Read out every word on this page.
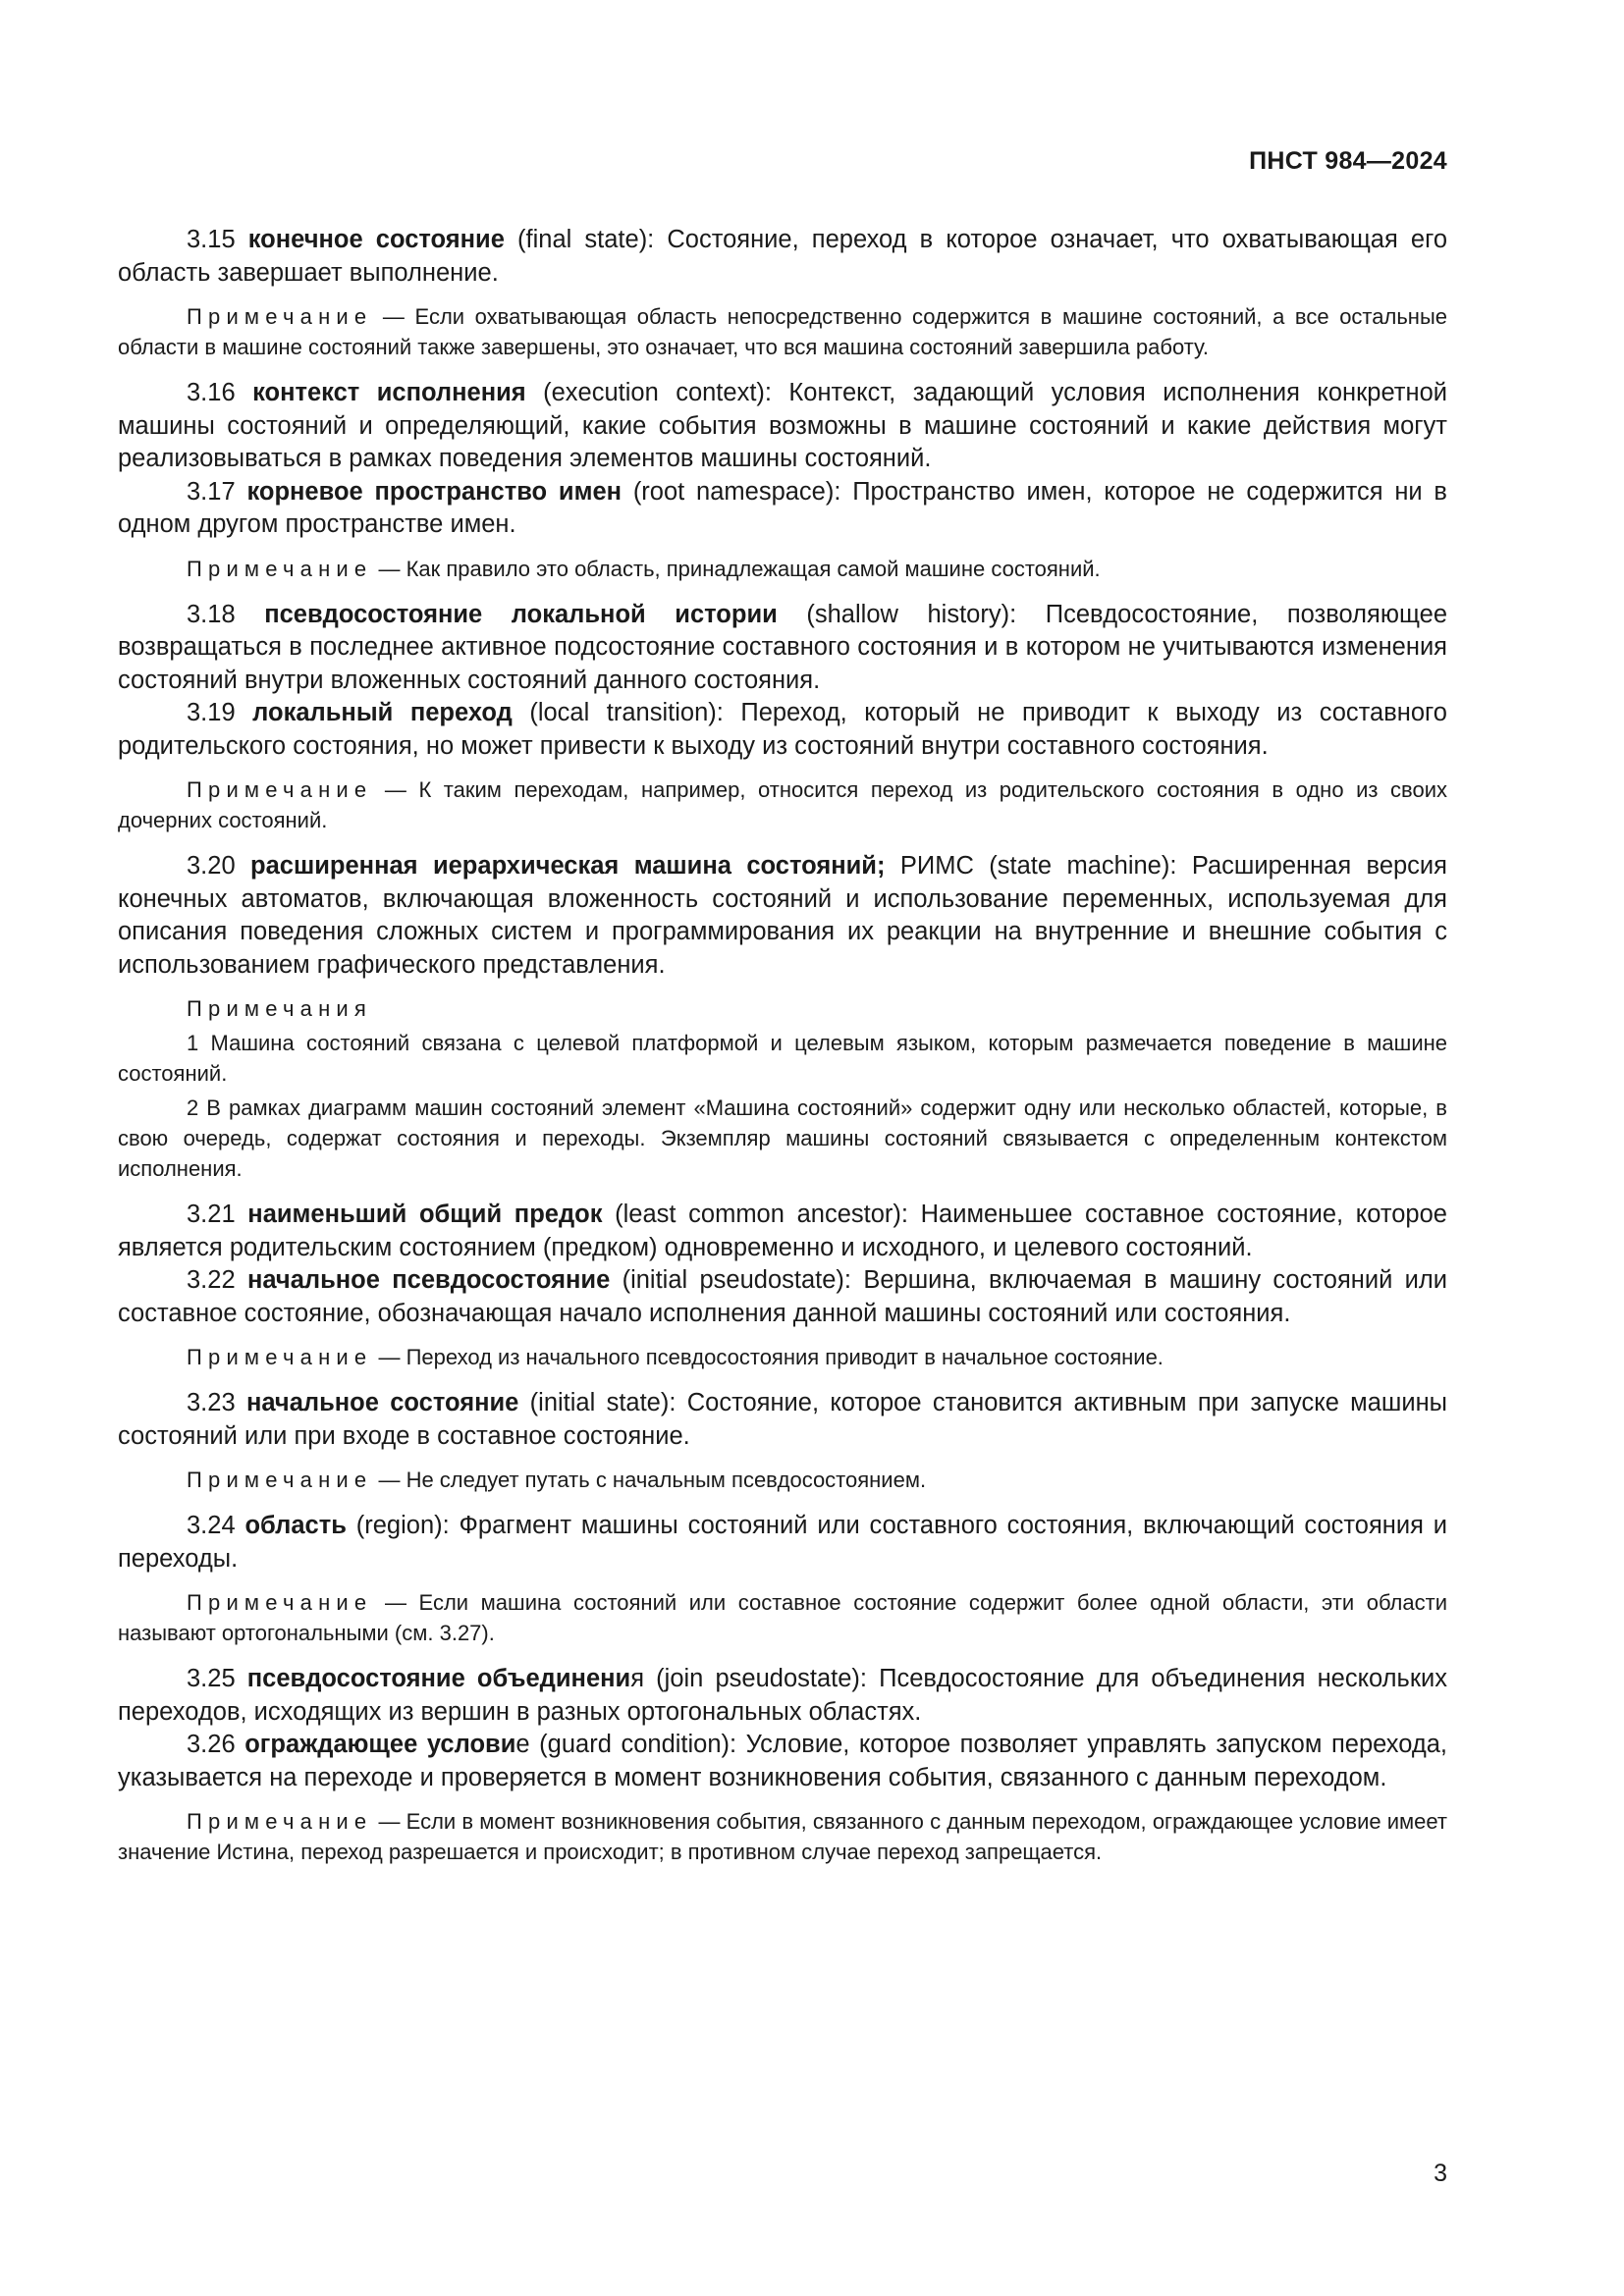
ПНСТ 984—2024

3.15 конечное состояние (final state): Состояние, переход в которое означает, что охватывающая его область завершает выполнение.

Примечание — Если охватывающая область непосредственно содержится в машине состояний, а все остальные области в машине состояний также завершены, это означает, что вся машина состояний завершила работу.

3.16 контекст исполнения (execution context): Контекст, задающий условия исполнения конкретной машины состояний и определяющий, какие события возможны в машине состояний и какие действия могут реализовываться в рамках поведения элементов машины состояний.

3.17 корневое пространство имен (root namespace): Пространство имен, которое не содержится ни в одном другом пространстве имен.

Примечание — Как правило это область, принадлежащая самой машине состояний.

3.18 псевдосостояние локальной истории (shallow history): Псевдосостояние, позволяющее возвращаться в последнее активное подсостояние составного состояния и в котором не учитываются изменения состояний внутри вложенных состояний данного состояния.

3.19 локальный переход (local transition): Переход, который не приводит к выходу из составного родительского состояния, но может привести к выходу из состояний внутри составного состояния.

Примечание — К таким переходам, например, относится переход из родительского состояния в одно из своих дочерних состояний.

3.20 расширенная иерархическая машина состояний; РИМС (state machine): Расширенная версия конечных автоматов, включающая вложенность состояний и использование переменных, используемая для описания поведения сложных систем и программирования их реакции на внутренние и внешние события с использованием графического представления.

Примечания

1 Машина состояний связана с целевой платформой и целевым языком, которым размечается поведение в машине состояний.

2 В рамках диаграмм машин состояний элемент «Машина состояний» содержит одну или несколько областей, которые, в свою очередь, содержат состояния и переходы. Экземпляр машины состояний связывается с определенным контекстом исполнения.

3.21 наименьший общий предок (least common ancestor): Наименьшее составное состояние, которое является родительским состоянием (предком) одновременно и исходного, и целевого состояний.

3.22 начальное псевдосостояние (initial pseudostate): Вершина, включаемая в машину состояний или составное состояние, обозначающая начало исполнения данной машины состояний или состояния.

Примечание — Переход из начального псевдосостояния приводит в начальное состояние.

3.23 начальное состояние (initial state): Состояние, которое становится активным при запуске машины состояний или при входе в составное состояние.

Примечание — Не следует путать с начальным псевдосостоянием.

3.24 область (region): Фрагмент машины состояний или составного состояния, включающий состояния и переходы.

Примечание — Если машина состояний или составное состояние содержит более одной области, эти области называют ортогональными (см. 3.27).

3.25 псевдосостояние объединения (join pseudostate): Псевдосостояние для объединения нескольких переходов, исходящих из вершин в разных ортогональных областях.

3.26 ограждающее условие (guard condition): Условие, которое позволяет управлять запуском перехода, указывается на переходе и проверяется в момент возникновения события, связанного с данным переходом.

Примечание — Если в момент возникновения события, связанного с данным переходом, ограждающее условие имеет значение Истина, переход разрешается и происходит; в противном случае переход запрещается.

3
